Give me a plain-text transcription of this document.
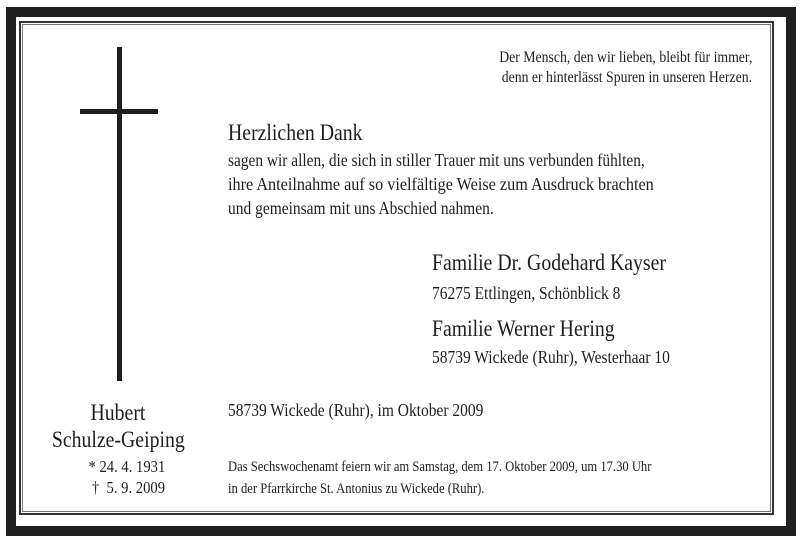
Der Mensch, den wir lieben, bleibt für immer,
denn er hinterlässt Spuren in unseren Herzen.
Herzlichen Dank
sagen wir allen, die sich in stiller Trauer mit uns verbunden fühlten,
ihre Anteilnahme auf so vielfältige Weise zum Ausdruck brachten
und gemeinsam mit uns Abschied nahmen.
Familie Dr. Godehard Kayser
76275 Ettlingen, Schönblick 8
Familie Werner Hering
58739 Wickede (Ruhr), Westerhaar 10
Hubert
Schulze-Geiping
* 24. 4. 1931
†  5. 9. 2009
58739 Wickede (Ruhr), im Oktober 2009
Das Sechswochenamt feiern wir am Samstag, dem 17. Oktober 2009, um 17.30 Uhr
in der Pfarrkirche St. Antonius zu Wickede (Ruhr).
